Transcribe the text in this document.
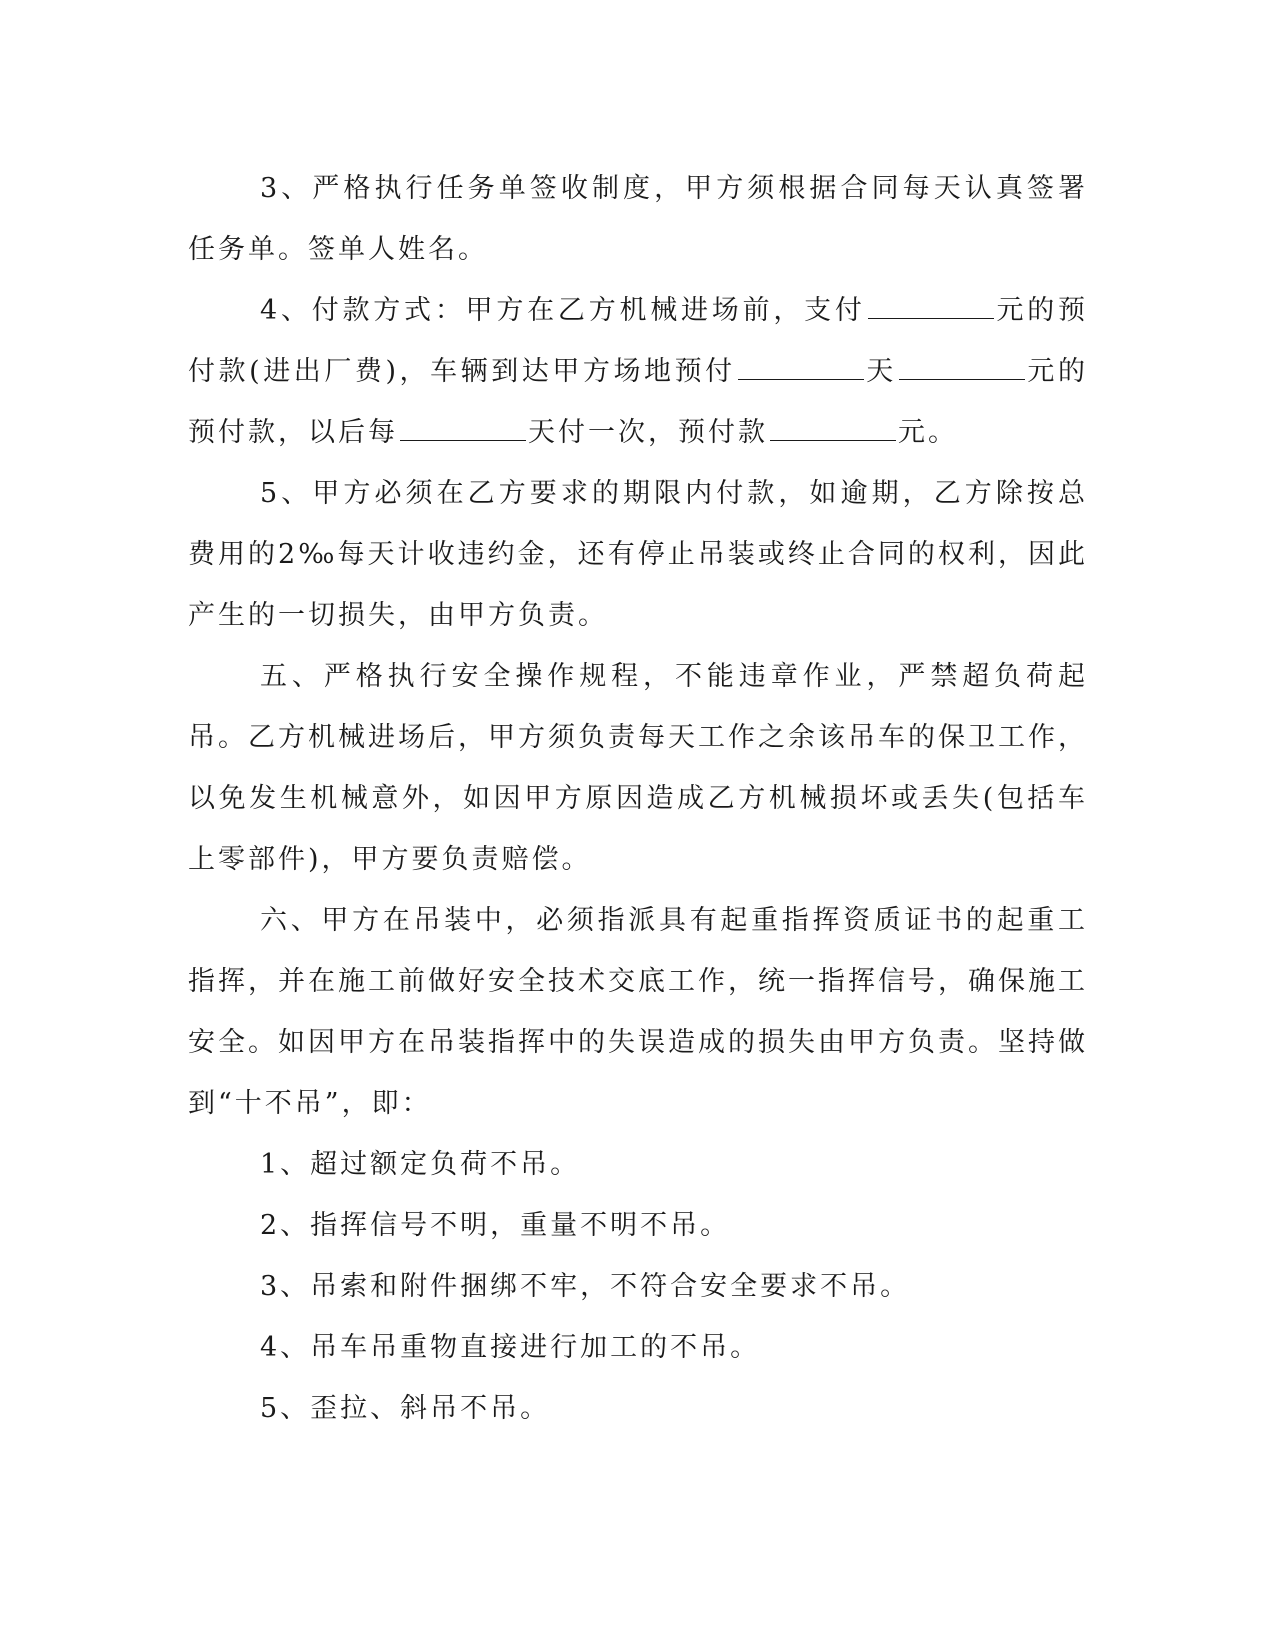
3、严格执行任务单签收制度，甲方须根据合同每天认真签署任务单。签单人姓名。

4、付款方式：甲方在乙方机械进场前，支付	元的预付款(进出厂费)，车辆到达甲方场地预付	天	元的预付款，以后每	天付一次，预付款	元。

5、甲方必须在乙方要求的期限内付款，如逾期，乙方除按总费用的2‰每天计收违约金，还有停止吊装或终止合同的权利，因此产生的一切损失，由甲方负责。

五、严格执行安全操作规程，不能违章作业，严禁超负荷起吊。乙方机械进场后，甲方须负责每天工作之余该吊车的保卫工作，以免发生机械意外，如因甲方原因造成乙方机械损坏或丢失(包括车上零部件)，甲方要负责赔偿。

六、甲方在吊装中，必须指派具有起重指挥资质证书的起重工指挥，并在施工前做好安全技术交底工作，统一指挥信号，确保施工安全。如因甲方在吊装指挥中的失误造成的损失由甲方负责。坚持做到“十不吊”，即：

1、超过额定负荷不吊。

2、指挥信号不明，重量不明不吊。

3、吊索和附件捆绑不牢，不符合安全要求不吊。

4、吊车吊重物直接进行加工的不吊。

5、歪拉、斜吊不吊。
